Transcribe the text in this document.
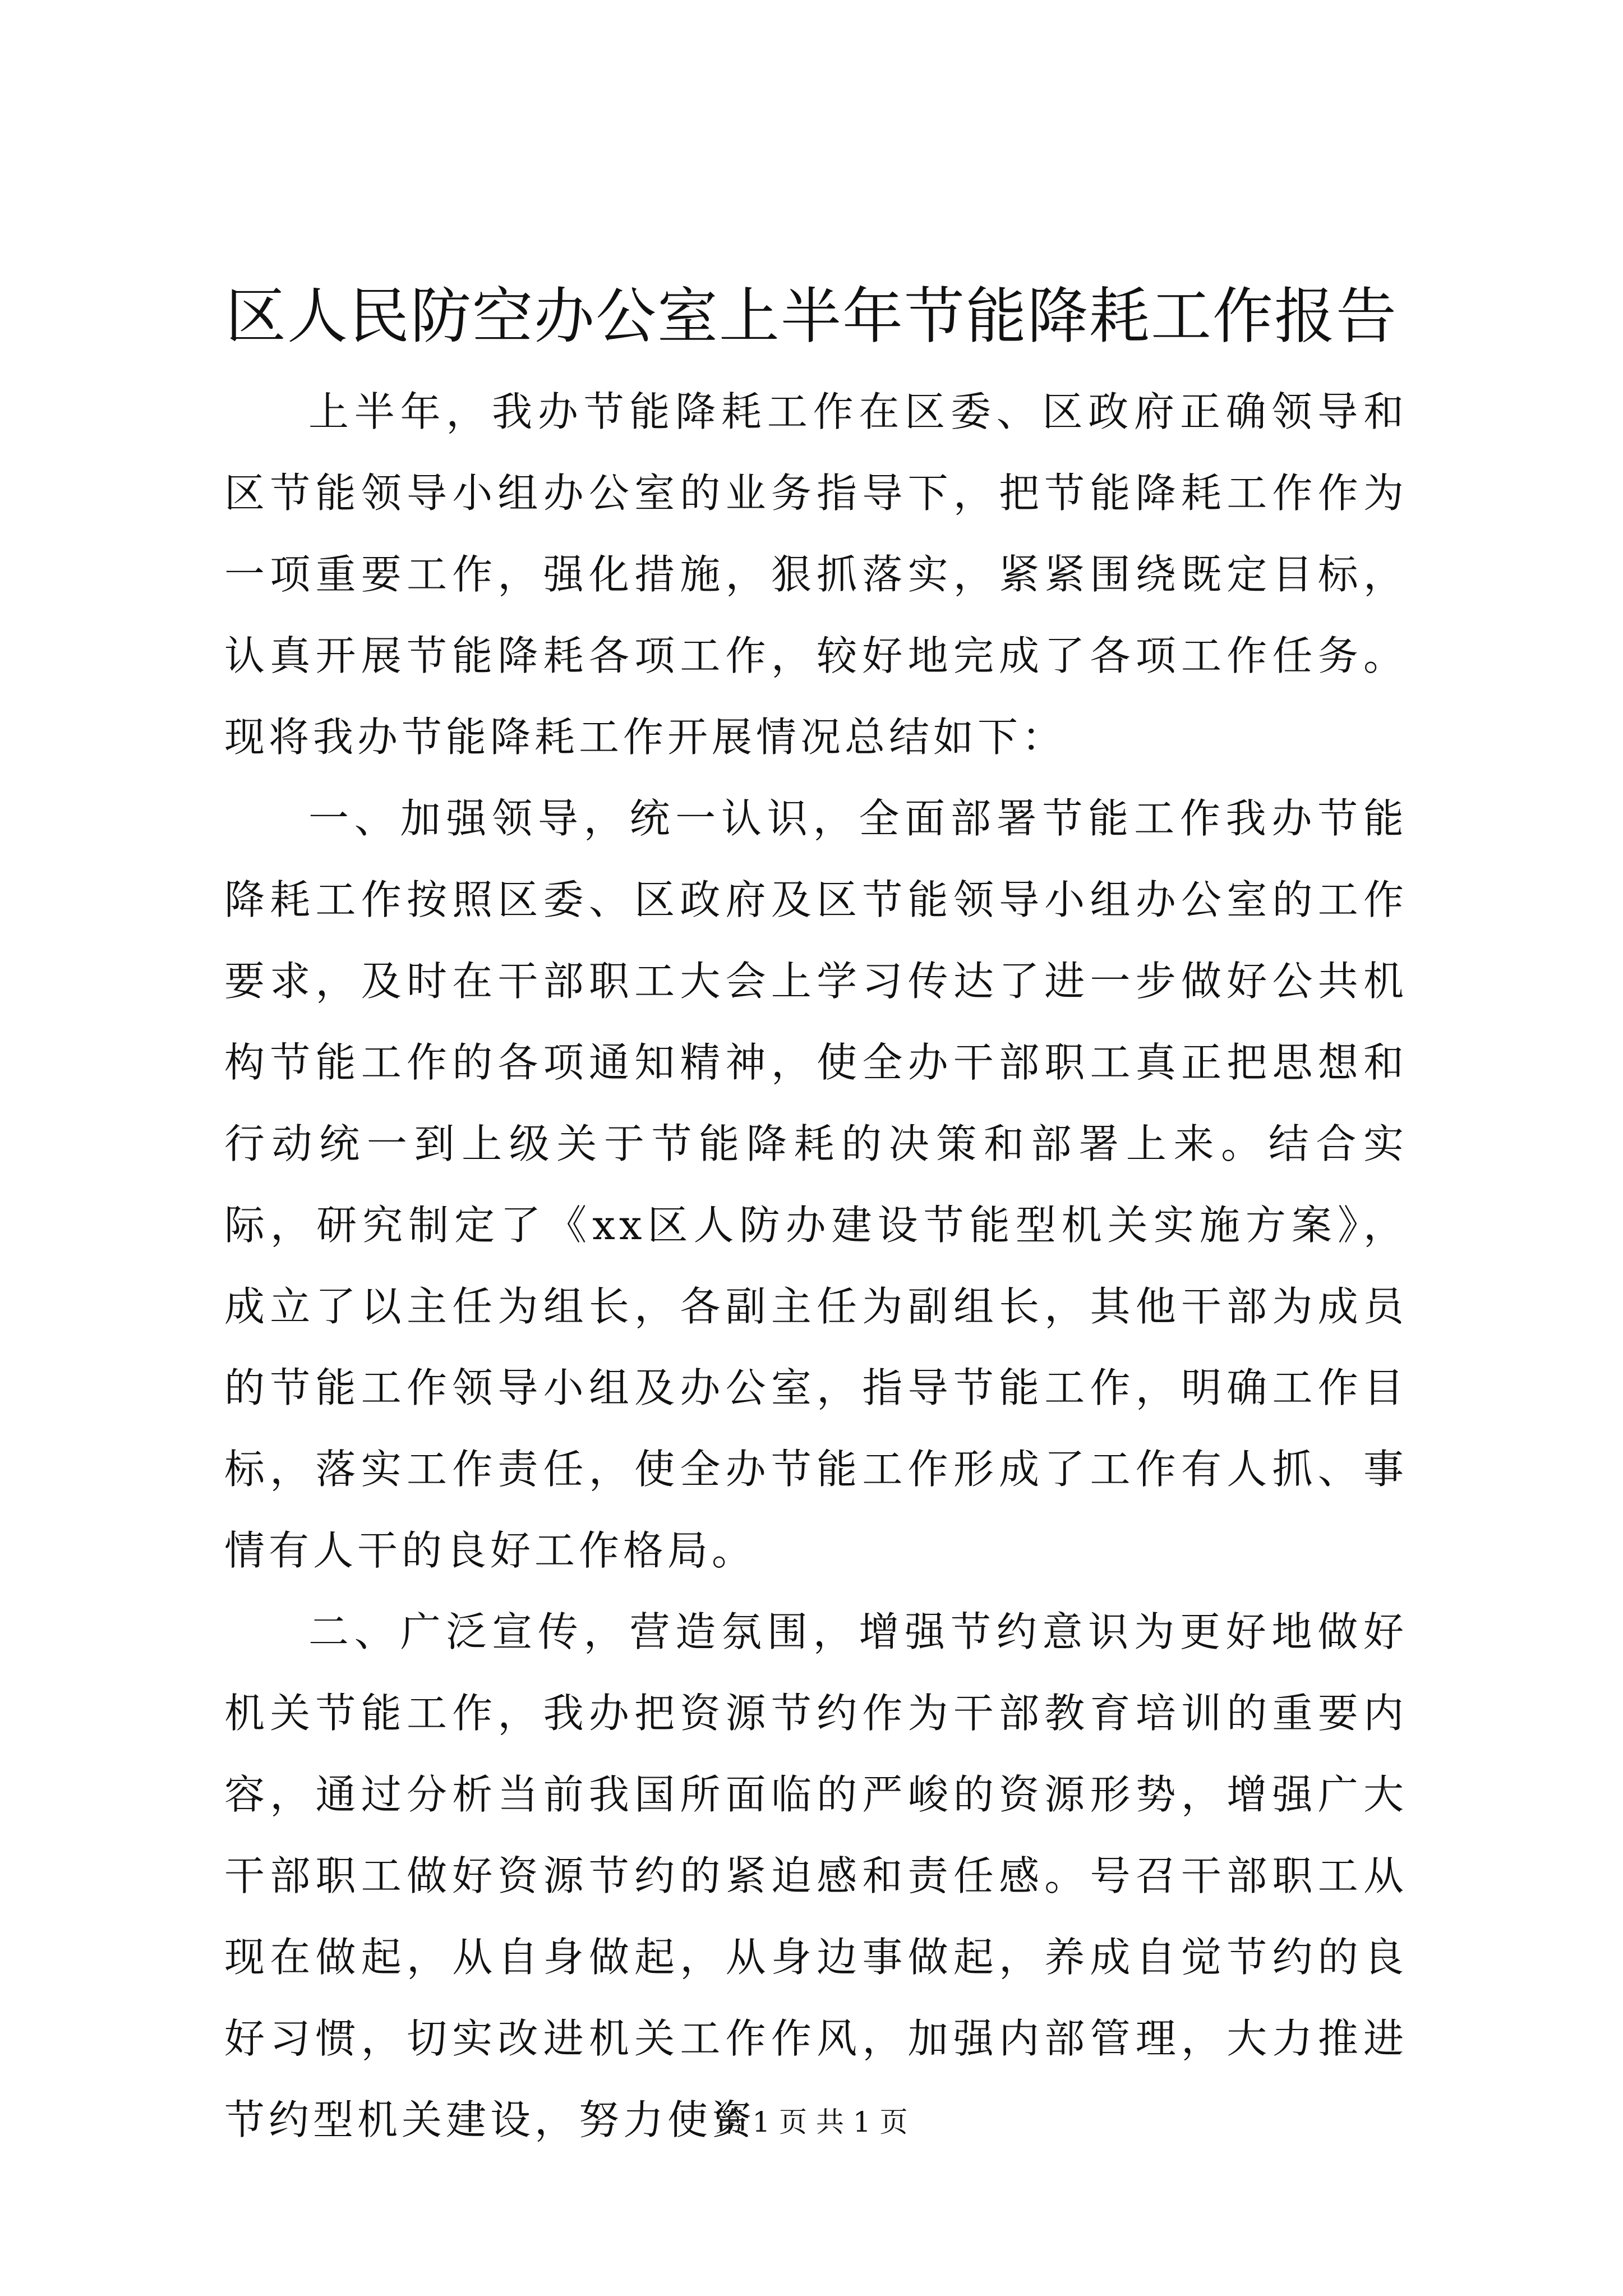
区人民防空办公室上半年节能降耗工作报告

上半年，我办节能降耗工作在区委、区政府正确领导和区节能领导小组办公室的业务指导下，把节能降耗工作作为一项重要工作，强化措施，狠抓落实，紧紧围绕既定目标，认真开展节能降耗各项工作，较好地完成了各项工作任务。现将我办节能降耗工作开展情况总结如下：

一、加强领导，统一认识，全面部署节能工作我办节能降耗工作按照区委、区政府及区节能领导小组办公室的工作要求，及时在干部职工大会上学习传达了进一步做好公共机构节能工作的各项通知精神，使全办干部职工真正把思想和行动统一到上级关于节能降耗的决策和部署上来。结合实际，研究制定了《xx区人防办建设节能型机关实施方案》，成立了以主任为组长，各副主任为副组长，其他干部为成员的节能工作领导小组及办公室，指导节能工作，明确工作目标，落实工作责任，使全办节能工作形成了工作有人抓、事情有人干的良好工作格局。

二、广泛宣传，营造氛围，增强节约意识为更好地做好机关节能工作，我办把资源节约作为干部教育培训的重要内容，通过分析当前我国所面临的严峻的资源形势，增强广大干部职工做好资源节约的紧迫感和责任感。号召干部职工从现在做起，从自身做起，从身边事做起，养成自觉节约的良好习惯，切实改进机关工作作风，加强内部管理，大力推进节约型机关建设，努力使资

第 1 页 共 1 页
